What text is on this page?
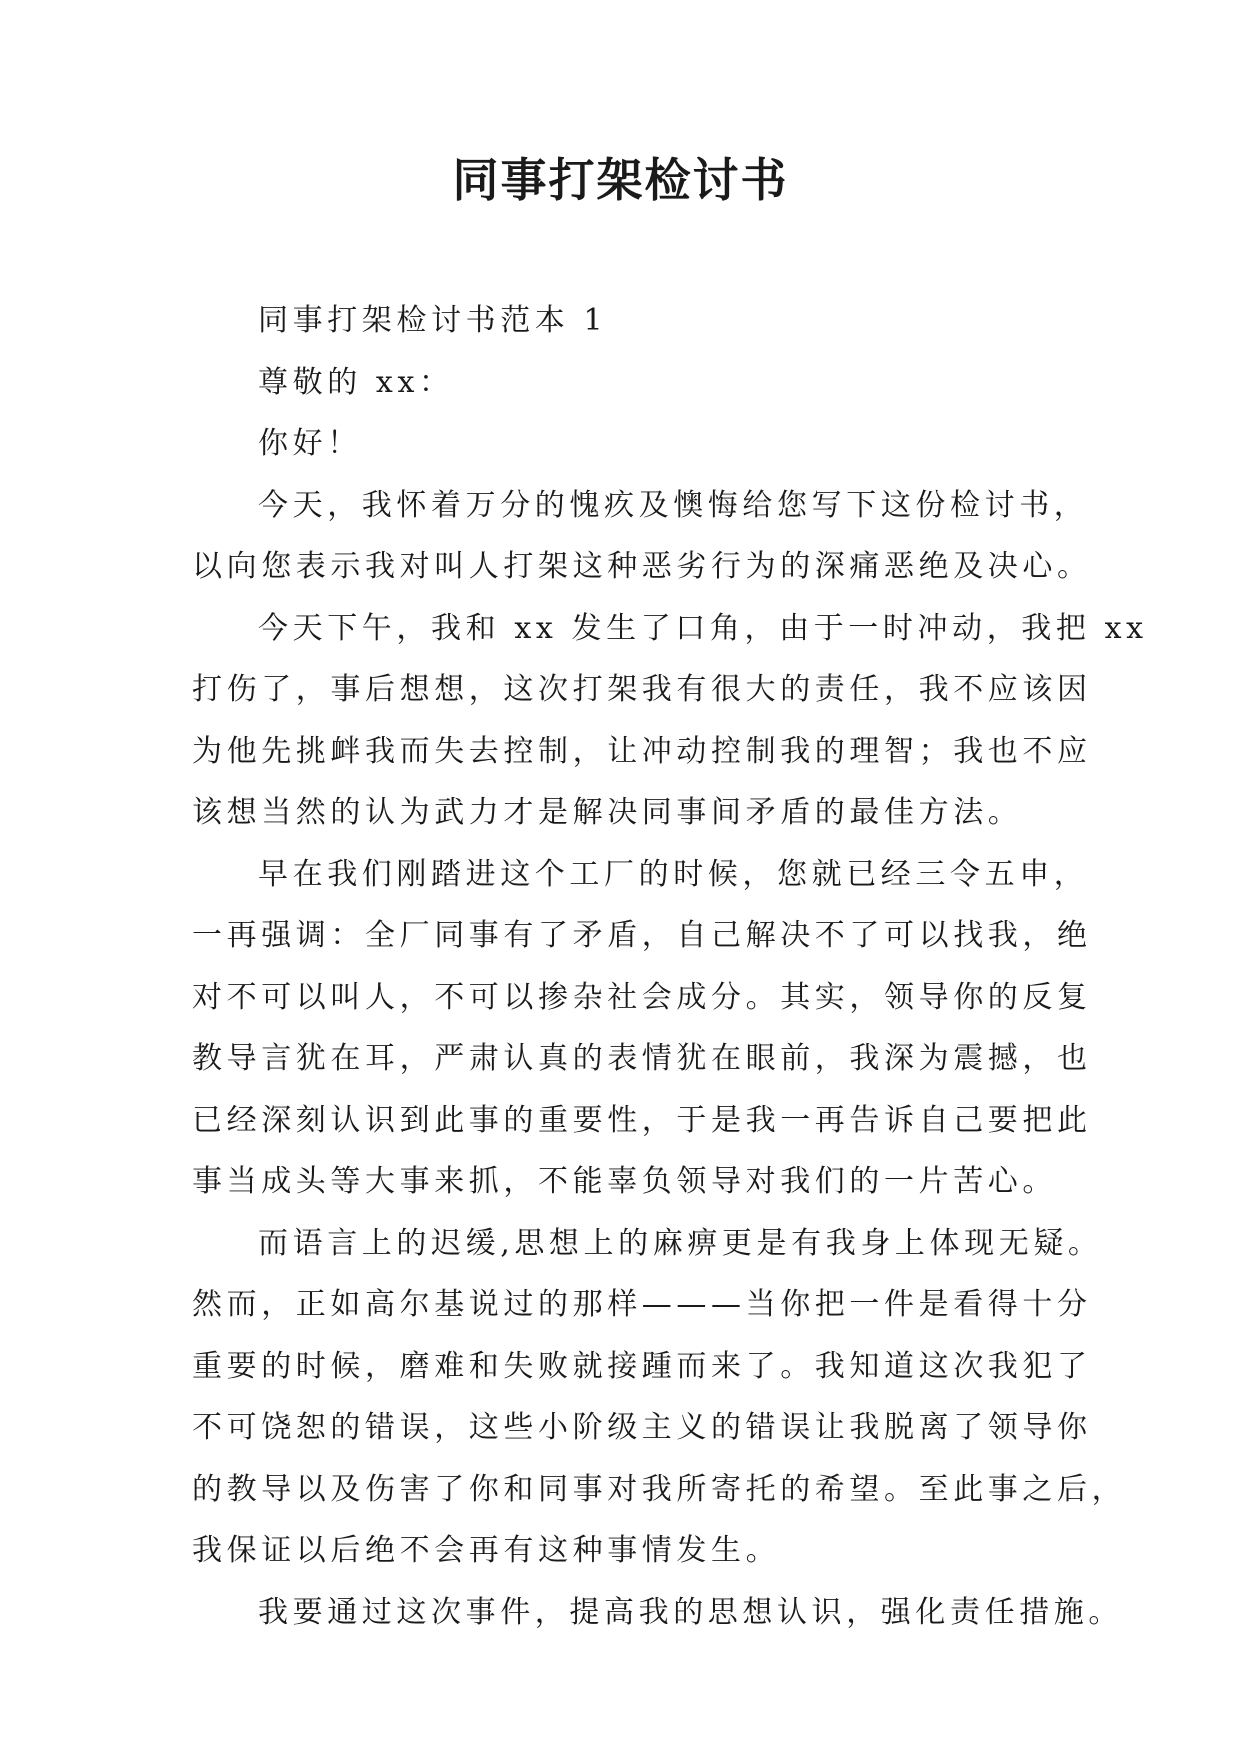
同事打架检讨书
同事打架检讨书范本 1
尊敬的 xx：
你好！
今天，我怀着万分的愧疚及懊悔给您写下这份检讨书，
以向您表示我对叫人打架这种恶劣行为的深痛恶绝及决心。
今天下午，我和 xx 发生了口角，由于一时冲动，我把 xx
打伤了，事后想想，这次打架我有很大的责任，我不应该因
为他先挑衅我而失去控制，让冲动控制我的理智；我也不应
该想当然的认为武力才是解决同事间矛盾的最佳方法。
早在我们刚踏进这个工厂的时候，您就已经三令五申，
一再强调：全厂同事有了矛盾，自己解决不了可以找我，绝
对不可以叫人，不可以掺杂社会成分。其实，领导你的反复
教导言犹在耳，严肃认真的表情犹在眼前，我深为震撼，也
已经深刻认识到此事的重要性，于是我一再告诉自己要把此
事当成头等大事来抓，不能辜负领导对我们的一片苦心。
而语言上的迟缓,思想上的麻痹更是有我身上体现无疑。
然而，正如高尔基说过的那样———当你把一件是看得十分
重要的时候，磨难和失败就接踵而来了。我知道这次我犯了
不可饶恕的错误，这些小阶级主义的错误让我脱离了领导你
的教导以及伤害了你和同事对我所寄托的希望。至此事之后，
我保证以后绝不会再有这种事情发生。
我要通过这次事件，提高我的思想认识，强化责任措施。
